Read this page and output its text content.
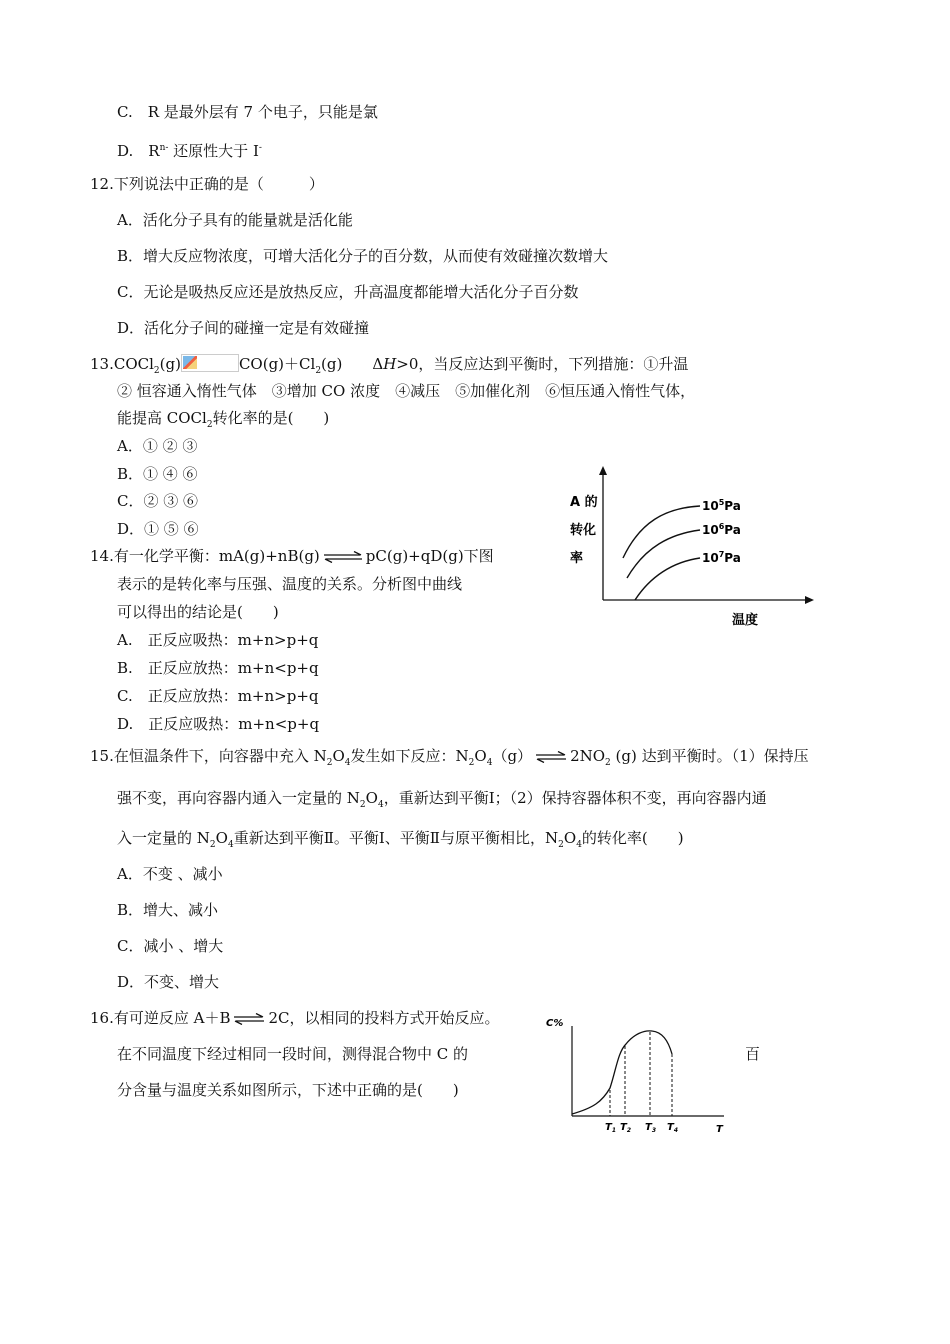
C.　R 是最外层有 7 个电子，只能是氯
D.　$R^{n-}$ 还原性大于 I-
12.下列说法中正确的是（　　　）
A．活化分子具有的能量就是活化能
B．增大反应物浓度，可增大活化分子的百分数，从而使有效碰撞次数增大
C．无论是吸热反应还是放热反应，升高温度都能增大活化分子百分数
D．活化分子间的碰撞一定是有效碰撞
13.COCl$_2$(g)	$CO(g)+Cl_2(g)$　　ΔH>0，当反应达到平衡时，下列措施：①升温
② 恒容通入惰性气体　③增加 CO 浓度　④减压　⑤加催化剂　⑥恒压通入惰性气体，
能提高 COCl$_2$转化率的是(　　)
A．① ② ③
B．① ④ ⑥
C．② ③ ⑥
D．① ⑤ ⑥
14.有一化学平衡：mA(g)+nB(g) ⇌ pC(g)+qD(g)下图
表示的是转化率与压强、温度的关系。分析图中曲线
可以得出的结论是(　　)
A.　正反应吸热：m+n>p+q
B.　正反应放热：m+n<p+q
C.　正反应放热：m+n>p+q
D.　正反应吸热：m+n<p+q
A 的
转化
率
温度
$10^5Pa$
$10^6Pa$
$10^7Pa$
15.在恒温条件下，向容器中充入 $N_2O_4$发生如下反应：$N_2O_4(g)$ ⇌ $2NO_2$ (g) 达到平衡时。（1）保持压
强不变，再向容器内通入一定量的 $N_2O_4$，重新达到平衡Ⅰ；（2）保持容器体积不变，再向容器内通
入一定量的 $N_2O_4$重新达到平衡Ⅱ。平衡Ⅰ、平衡Ⅱ与原平衡相比，$N_2O_4$的转化率(　　)
A．不变 、减小
B．增大、减小
C．减小 、增大
D．不变、增大
16.有可逆反应 A＋B ⇌ 2C，以相同的投料方式开始反应。
在不同温度下经过相同一段时间，测得混合物中 C 的	百
分含量与温度关系如图所示，下述中正确的是(　　)
C%
T
$T_1$ $T_2$ $T_3$ $T_4$
